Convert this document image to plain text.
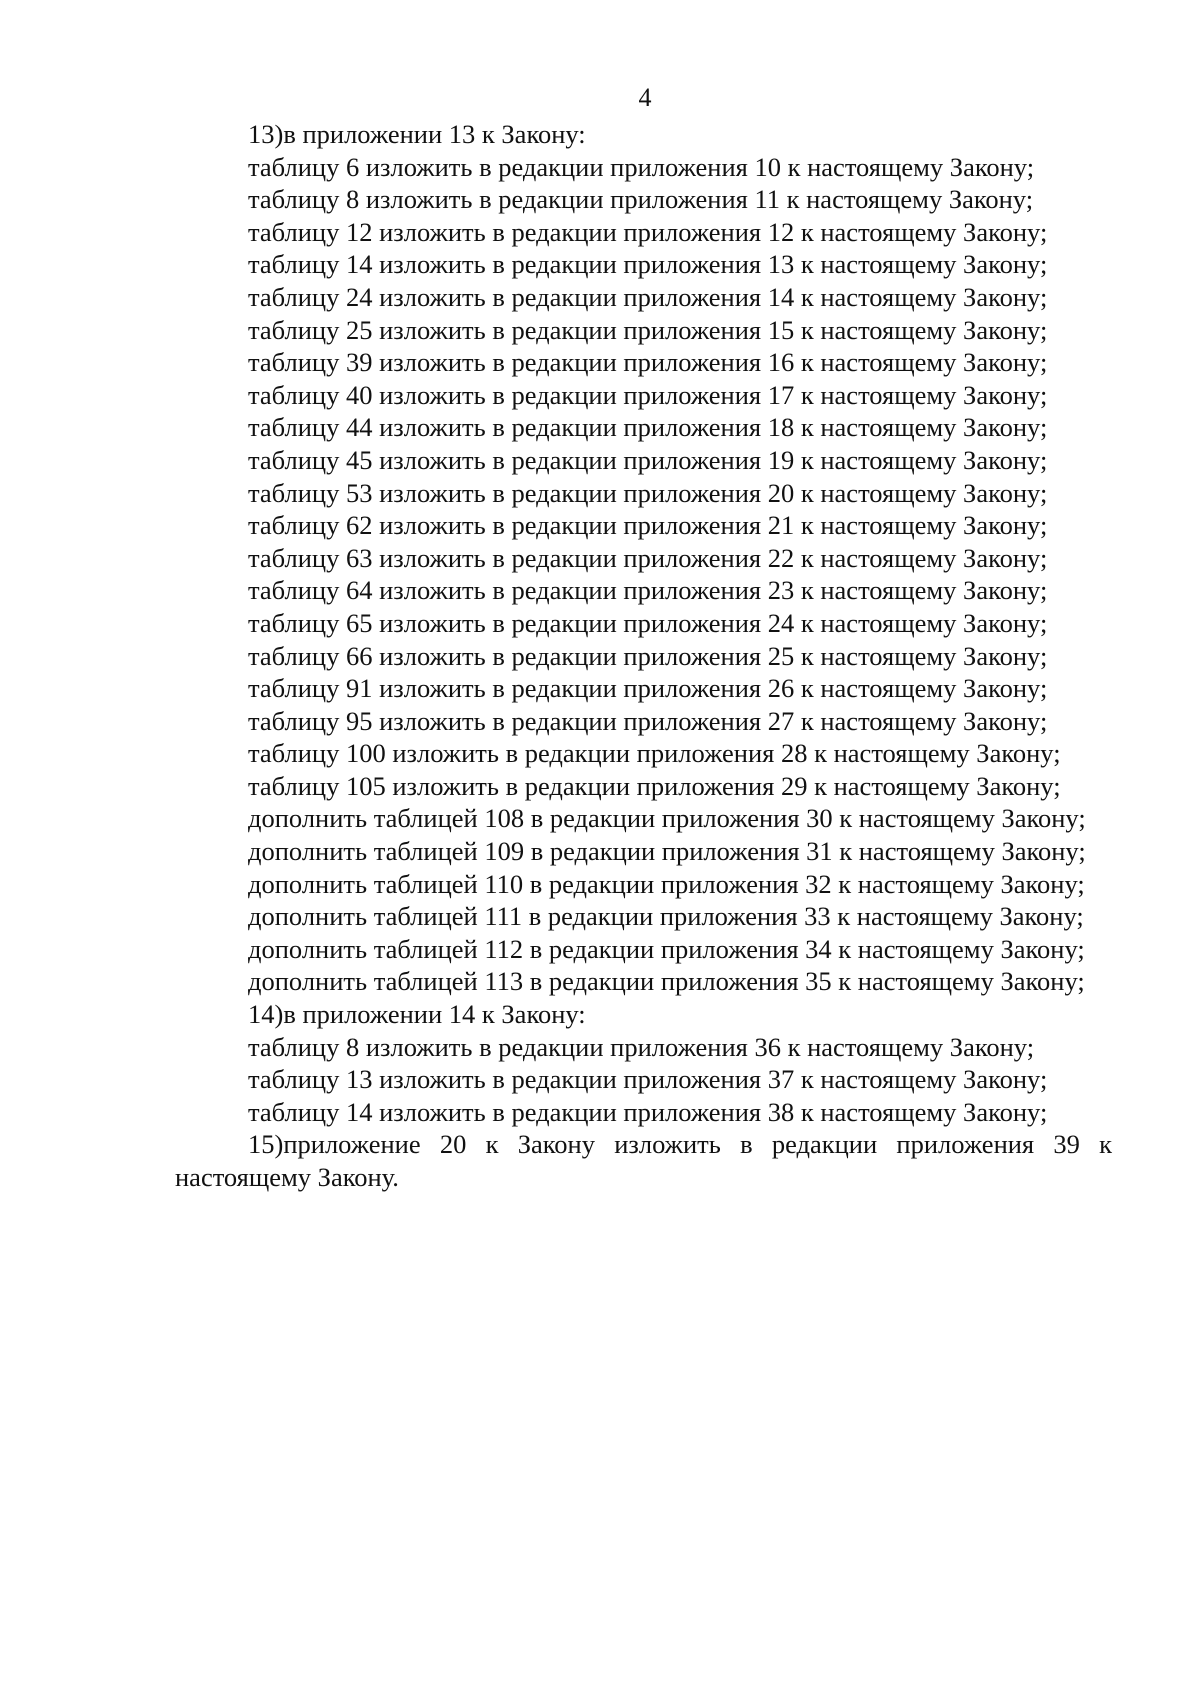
4
13)в приложении 13 к Закону:
таблицу 6 изложить в редакции приложения 10 к настоящему Закону;
таблицу 8 изложить в редакции приложения 11 к настоящему Закону;
таблицу 12 изложить в редакции приложения 12 к настоящему Закону;
таблицу 14 изложить в редакции приложения 13 к настоящему Закону;
таблицу 24 изложить в редакции приложения 14 к настоящему Закону;
таблицу 25 изложить в редакции приложения 15 к настоящему Закону;
таблицу 39 изложить в редакции приложения 16 к настоящему Закону;
таблицу 40 изложить в редакции приложения 17 к настоящему Закону;
таблицу 44 изложить в редакции приложения 18 к настоящему Закону;
таблицу 45 изложить в редакции приложения 19 к настоящему Закону;
таблицу 53 изложить в редакции приложения 20 к настоящему Закону;
таблицу 62 изложить в редакции приложения 21 к настоящему Закону;
таблицу 63 изложить в редакции приложения 22 к настоящему Закону;
таблицу 64 изложить в редакции приложения 23 к настоящему Закону;
таблицу 65 изложить в редакции приложения 24 к настоящему Закону;
таблицу 66 изложить в редакции приложения 25 к настоящему Закону;
таблицу 91 изложить в редакции приложения 26 к настоящему Закону;
таблицу 95 изложить в редакции приложения 27 к настоящему Закону;
таблицу 100 изложить в редакции приложения 28 к настоящему Закону;
таблицу 105 изложить в редакции приложения 29 к настоящему Закону;
дополнить таблицей 108 в редакции приложения 30 к настоящему Закону;
дополнить таблицей 109 в редакции приложения 31 к настоящему Закону;
дополнить таблицей 110 в редакции приложения 32 к настоящему Закону;
дополнить таблицей 111 в редакции приложения 33 к настоящему Закону;
дополнить таблицей 112 в редакции приложения 34 к настоящему Закону;
дополнить таблицей 113 в редакции приложения 35 к настоящему Закону;
14)в приложении 14 к Закону:
таблицу 8 изложить в редакции приложения 36 к настоящему Закону;
таблицу 13 изложить в редакции приложения 37 к настоящему Закону;
таблицу 14 изложить в редакции приложения 38 к настоящему Закону;
15)приложение 20 к Закону изложить в редакции приложения 39 к настоящему Закону.
